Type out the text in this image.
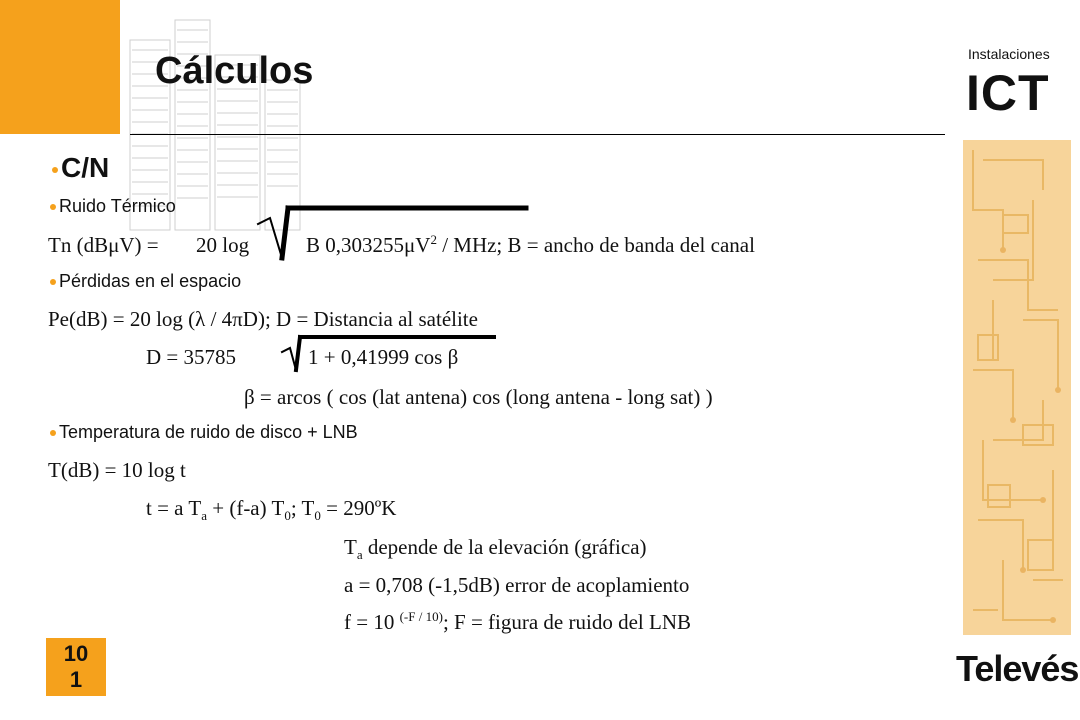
Cálculos	Instalaciones
ICT
C/N
Ruido Térmico
Tn (dBμV) = 20 log	B $0,303255\mu V^2$ / MHz; B = ancho de banda del canal
Pérdidas en el espacio
Pe(dB) = 20 log (λ / 4πD); D = Distancia al satélite
D = 35785	1 + 0,41999 cos β
β = arcos ( cos (lat antena) cos (long antena - long sat) )
Temperatura de ruido de disco + LNB
T(dB) = 10 log t
t = a $T_a + (f-a)$ $T_0$; $T_0$ = 290ºK
$T_a$ depende de la elevación (gráfica)
a = 0,708 (-1,5dB) error de acoplamiento
f = 10 $^{(-F / 10)}$; F = figura de ruido del LNB
10
1	Televés
